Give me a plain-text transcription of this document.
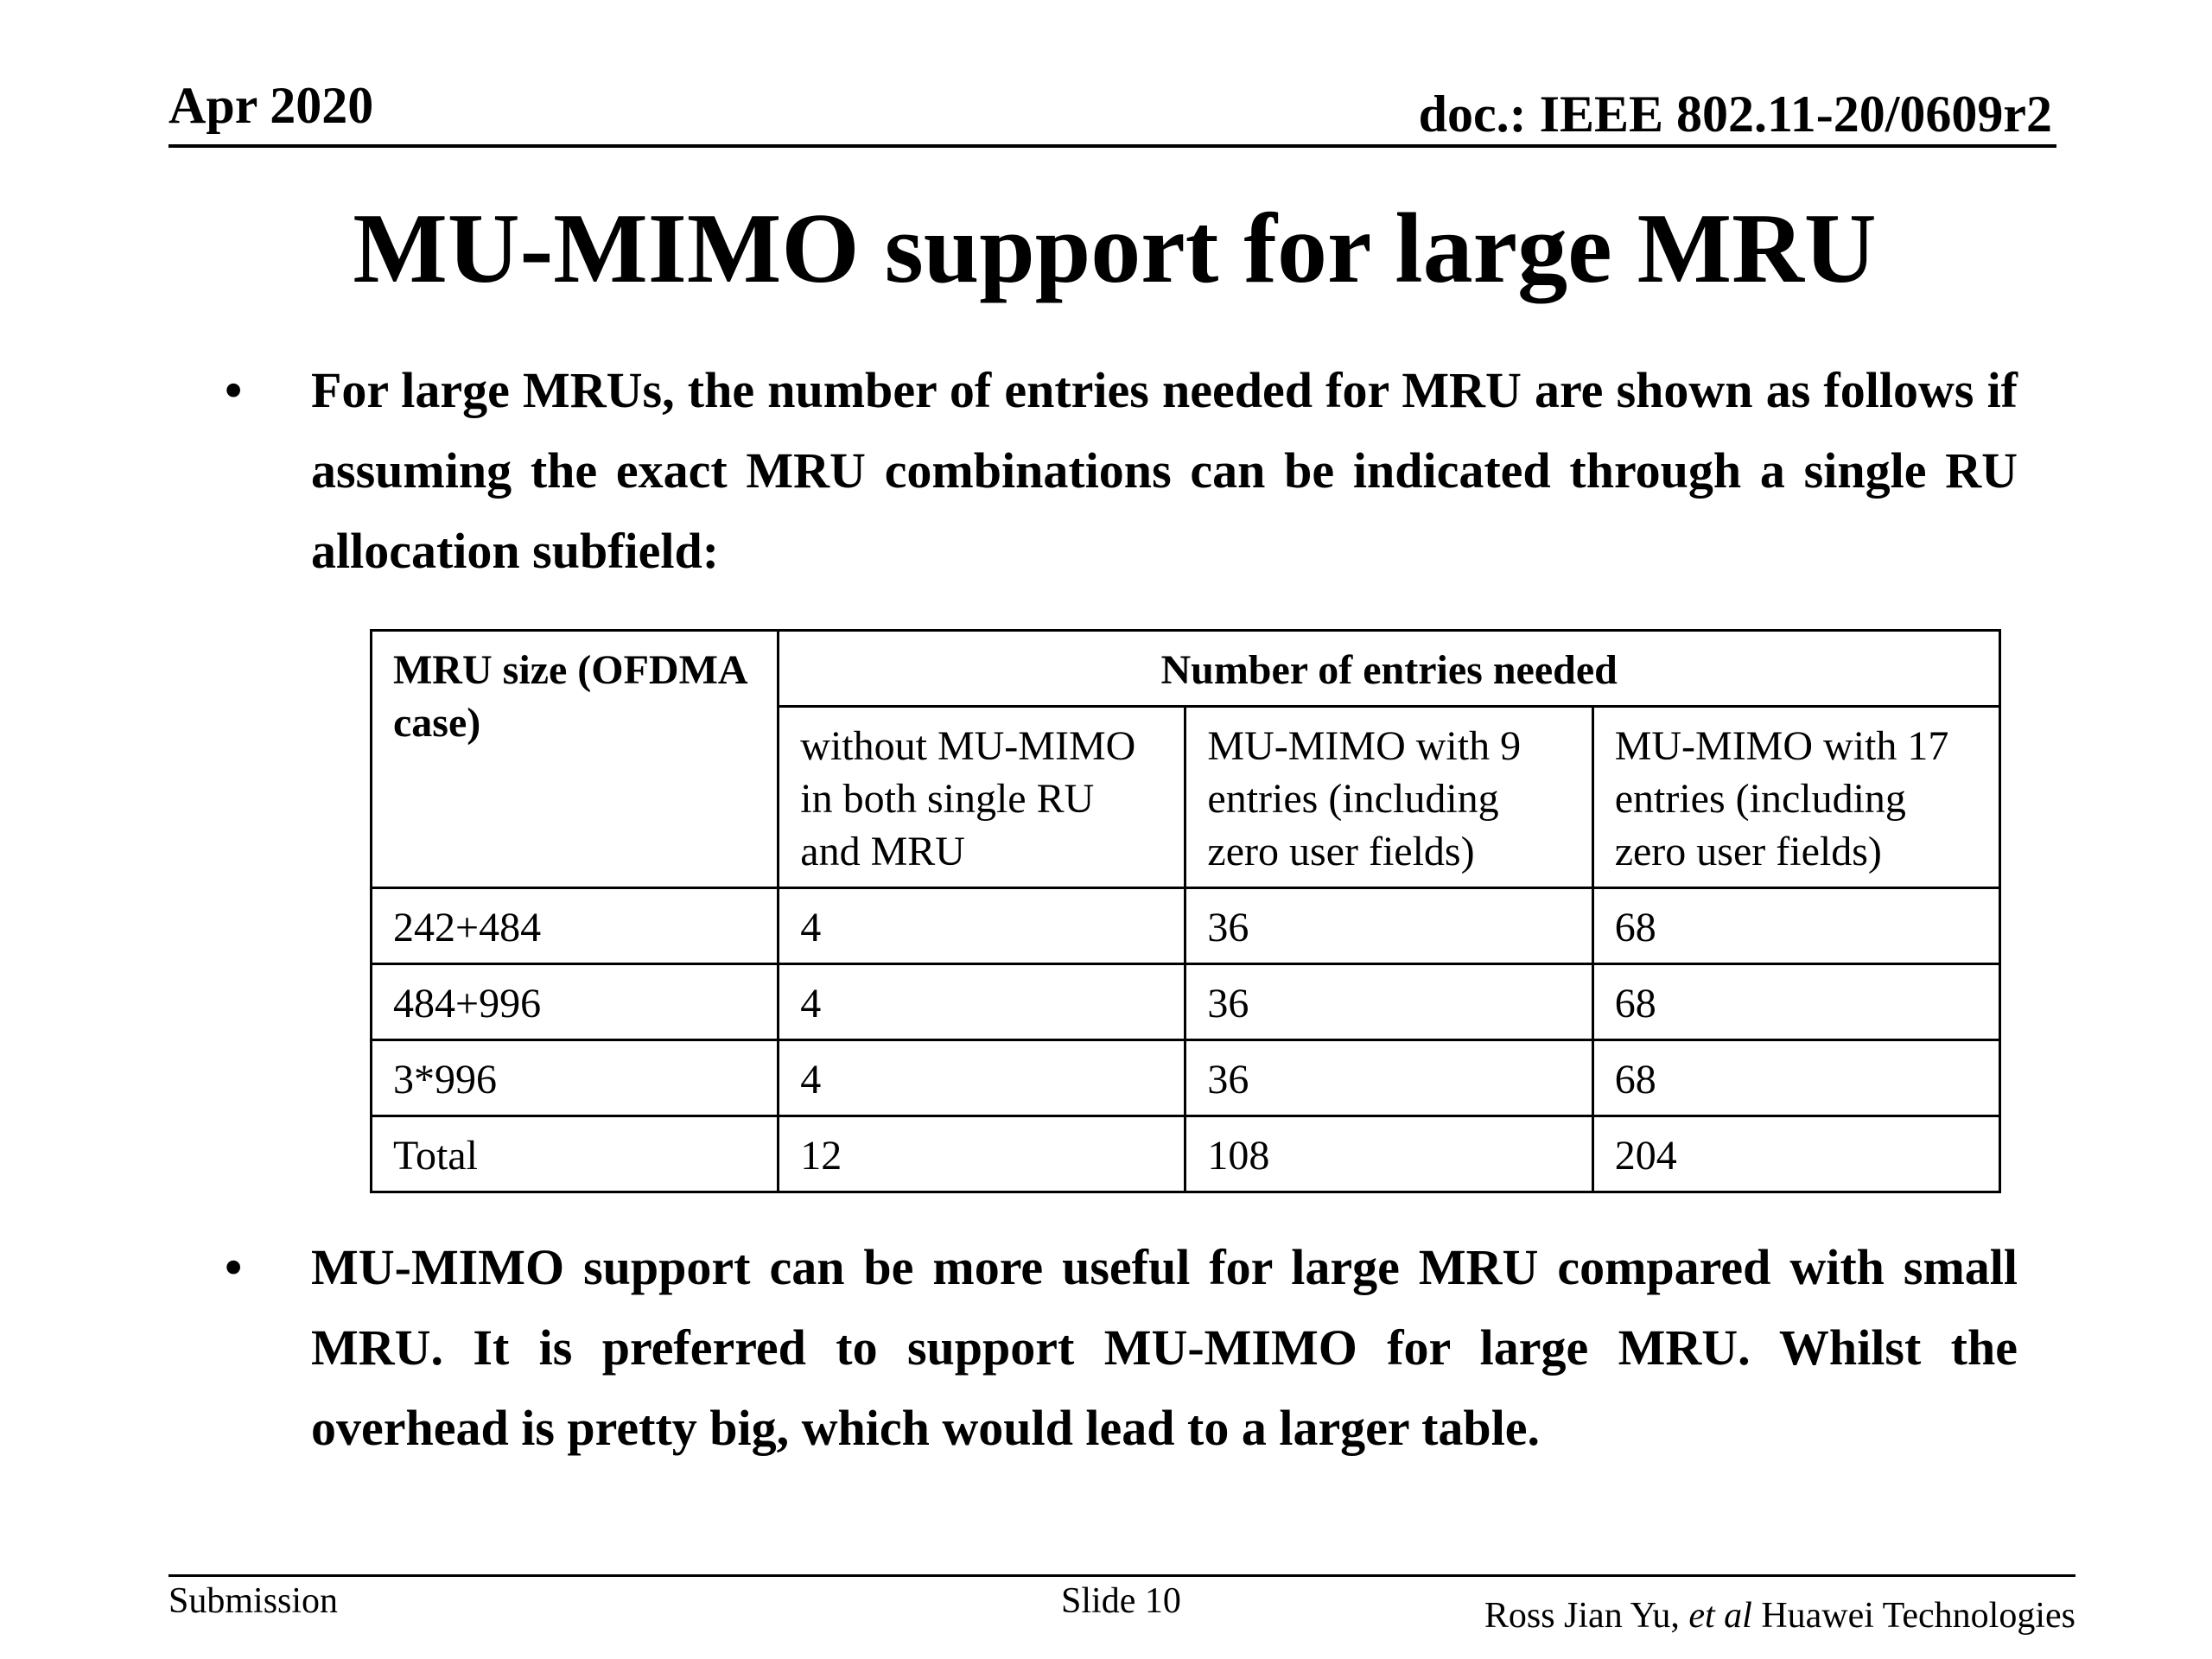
Apr 2020	doc.: IEEE 802.11-20/0609r2
MU-MIMO support for large MRU
• For large MRUs, the number of entries needed for MRU are shown as follows if assuming the exact MRU combinations can be indicated through a single RU allocation subfield:
MRU size (OFDMA case)	Number of entries needed		
	without MU-MIMO in both single RU and MRU	MU-MIMO with 9 entries (including zero user fields)	MU-MIMO with 17 entries (including zero user fields)
242+484	4	36	68
484+996	4	36	68
3*996	4	36	68
Total	12	108	204
• MU-MIMO support can be more useful for large MRU compared with small MRU. It is preferred to support MU-MIMO for large MRU. Whilst the overhead is pretty big, which would lead to a larger table.
Submission	Slide 10	Ross Jian Yu, et al Huawei Technologies
